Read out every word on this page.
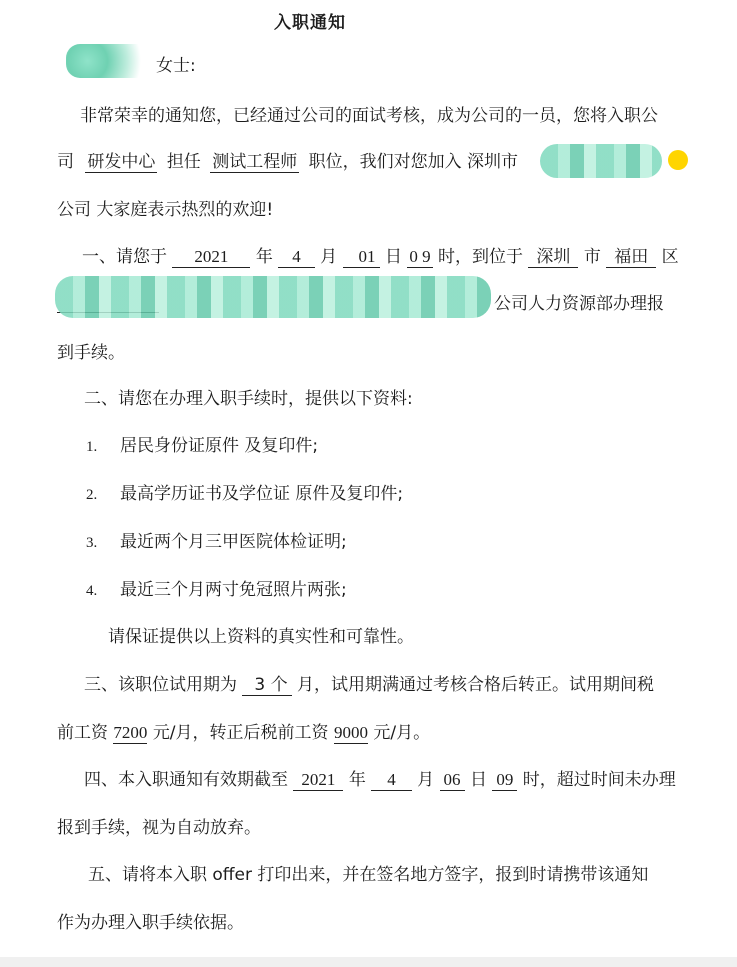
入职通知
女士:
非常荣幸的通知您，已经通过公司的面试考核，成为公司的一员，您将入职公
司 研发中心 担任 测试工程师 职位，我们对您加入 深圳市
公司 大家庭表示热烈的欢迎!
一、请您于 2021 年 4 月 01 日 0 9 时，到位于 深圳 市 福田 区
公司人力资源部办理报
到手续。
二、请您在办理入职手续时，提供以下资料:
1. 居民身份证原件 及复印件;
2. 最高学历证书及学位证 原件及复印件;
3. 最近两个月三甲医院体检证明;
4. 最近三个月两寸免冠照片两张;
请保证提供以上资料的真实性和可靠性。
三、该职位试用期为 3 个 月，试用期满通过考核合格后转正。试用期间税
前工资 7200 元/月，转正后税前工资 9000 元/月。
四、本入职通知有效期截至 2021 年 4 月 06 日 09 时，超过时间未办理
报到手续，视为自动放弃。
五、请将本入职 offer 打印出来，并在签名地方签字，报到时请携带该通知
作为办理入职手续依据。
